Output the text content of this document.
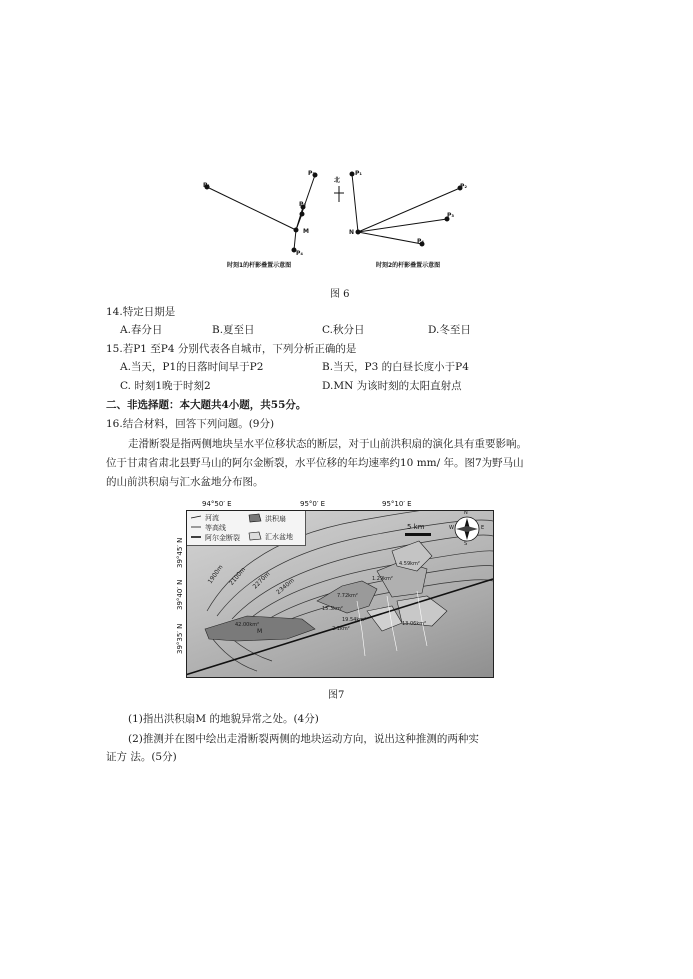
P₁
P₃
P₂
P₄
M
北
P₁
P₂
P₃
P₄
N
时刻1的杆影叠置示意图	时刻2的杆影叠置示意图
图 6
14.特定日期是
A.春分日	B.夏至日	C.秋分日	D.冬至日
15.若P1 至P4 分别代表各自城市，下列分析正确的是
A.当天，P1的日落时间早于P2	B.当天，P3 的白昼长度小于P4
C. 时刻1晚于时刻2	D.MN 为该时刻的太阳直射点
二、非选择题：本大题共4小题，共55分。
16.结合材料，回答下列问题。(9分)
走滑断裂是指两侧地块呈水平位移状态的断层，对于山前洪积扇的演化具有重要影响。
位于甘肃省肃北县野马山的阿尔金断裂，水平位移的年均速率约10 mm/ 年。图7为野马山
的山前洪积扇与汇水盆地分布图。
94°50′ E	95°0′ E	95°10′ E
39°45′ N
39°40′ N
39°35′ N
河流
等高线
阿尔金断裂
洪积扇
汇水盆地
5 km
N
E
S
W
1900m 2100m 2270m 2340m
M
4.59km²
1.29km²
7.72km²
15.3km²
19.54km²
2.1km²
13.06km²
42.00km²
图7
(1)指出洪积扇M 的地貌异常之处。(4分)
(2)推测并在图中绘出走滑断裂两侧的地块运动方向，说出这种推测的两种实
证方 法。(5分)
